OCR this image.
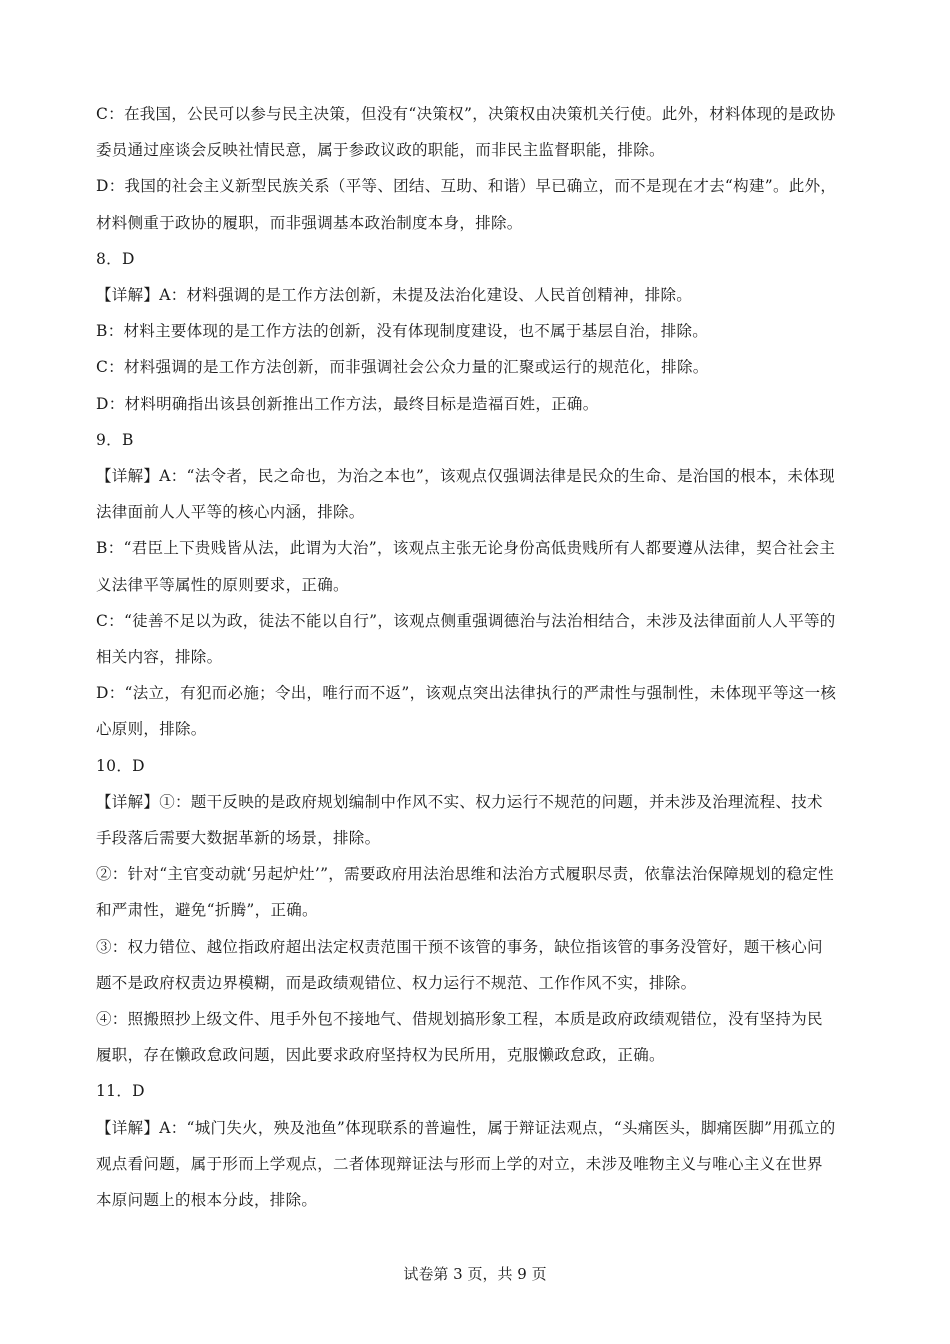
C：在我国，公民可以参与民主决策，但没有“决策权”，决策权由决策机关行使。此外，材料体现的是政协

委员通过座谈会反映社情民意，属于参政议政的职能，而非民主监督职能，排除。

D：我国的社会主义新型民族关系（平等、团结、互助、和谐）早已确立，而不是现在才去“构建”。此外，

材料侧重于政协的履职，而非强调基本政治制度本身，排除。

8．D

【详解】A：材料强调的是工作方法创新，未提及法治化建设、人民首创精神，排除。

B：材料主要体现的是工作方法的创新，没有体现制度建设，也不属于基层自治，排除。

C：材料强调的是工作方法创新，而非强调社会公众力量的汇聚或运行的规范化，排除。

D：材料明确指出该县创新推出工作方法，最终目标是造福百姓，正确。

9．B

【详解】A：“法令者，民之命也，为治之本也”，该观点仅强调法律是民众的生命、是治国的根本，未体现

法律面前人人平等的核心内涵，排除。

B：“君臣上下贵贱皆从法，此谓为大治”，该观点主张无论身份高低贵贱所有人都要遵从法律，契合社会主

义法律平等属性的原则要求，正确。

C：“徒善不足以为政，徒法不能以自行”，该观点侧重强调德治与法治相结合，未涉及法律面前人人平等的

相关内容，排除。

D：“法立，有犯而必施；令出，唯行而不返”，该观点突出法律执行的严肃性与强制性，未体现平等这一核

心原则，排除。

10．D

【详解】①：题干反映的是政府规划编制中作风不实、权力运行不规范的问题，并未涉及治理流程、技术

手段落后需要大数据革新的场景，排除。

②：针对“主官变动就‘另起炉灶’”，需要政府用法治思维和法治方式履职尽责，依靠法治保障规划的稳定性

和严肃性，避免“折腾”，正确。

③：权力错位、越位指政府超出法定权责范围干预不该管的事务，缺位指该管的事务没管好，题干核心问

题不是政府权责边界模糊，而是政绩观错位、权力运行不规范、工作作风不实，排除。

④：照搬照抄上级文件、甩手外包不接地气、借规划搞形象工程，本质是政府政绩观错位，没有坚持为民

履职，存在懒政怠政问题，因此要求政府坚持权为民所用，克服懒政怠政，正确。

11．D

【详解】A：“城门失火，殃及池鱼”体现联系的普遍性，属于辩证法观点，“头痛医头，脚痛医脚”用孤立的

观点看问题，属于形而上学观点，二者体现辩证法与形而上学的对立，未涉及唯物主义与唯心主义在世界

本原问题上的根本分歧，排除。

试卷第 3 页，共 9 页
